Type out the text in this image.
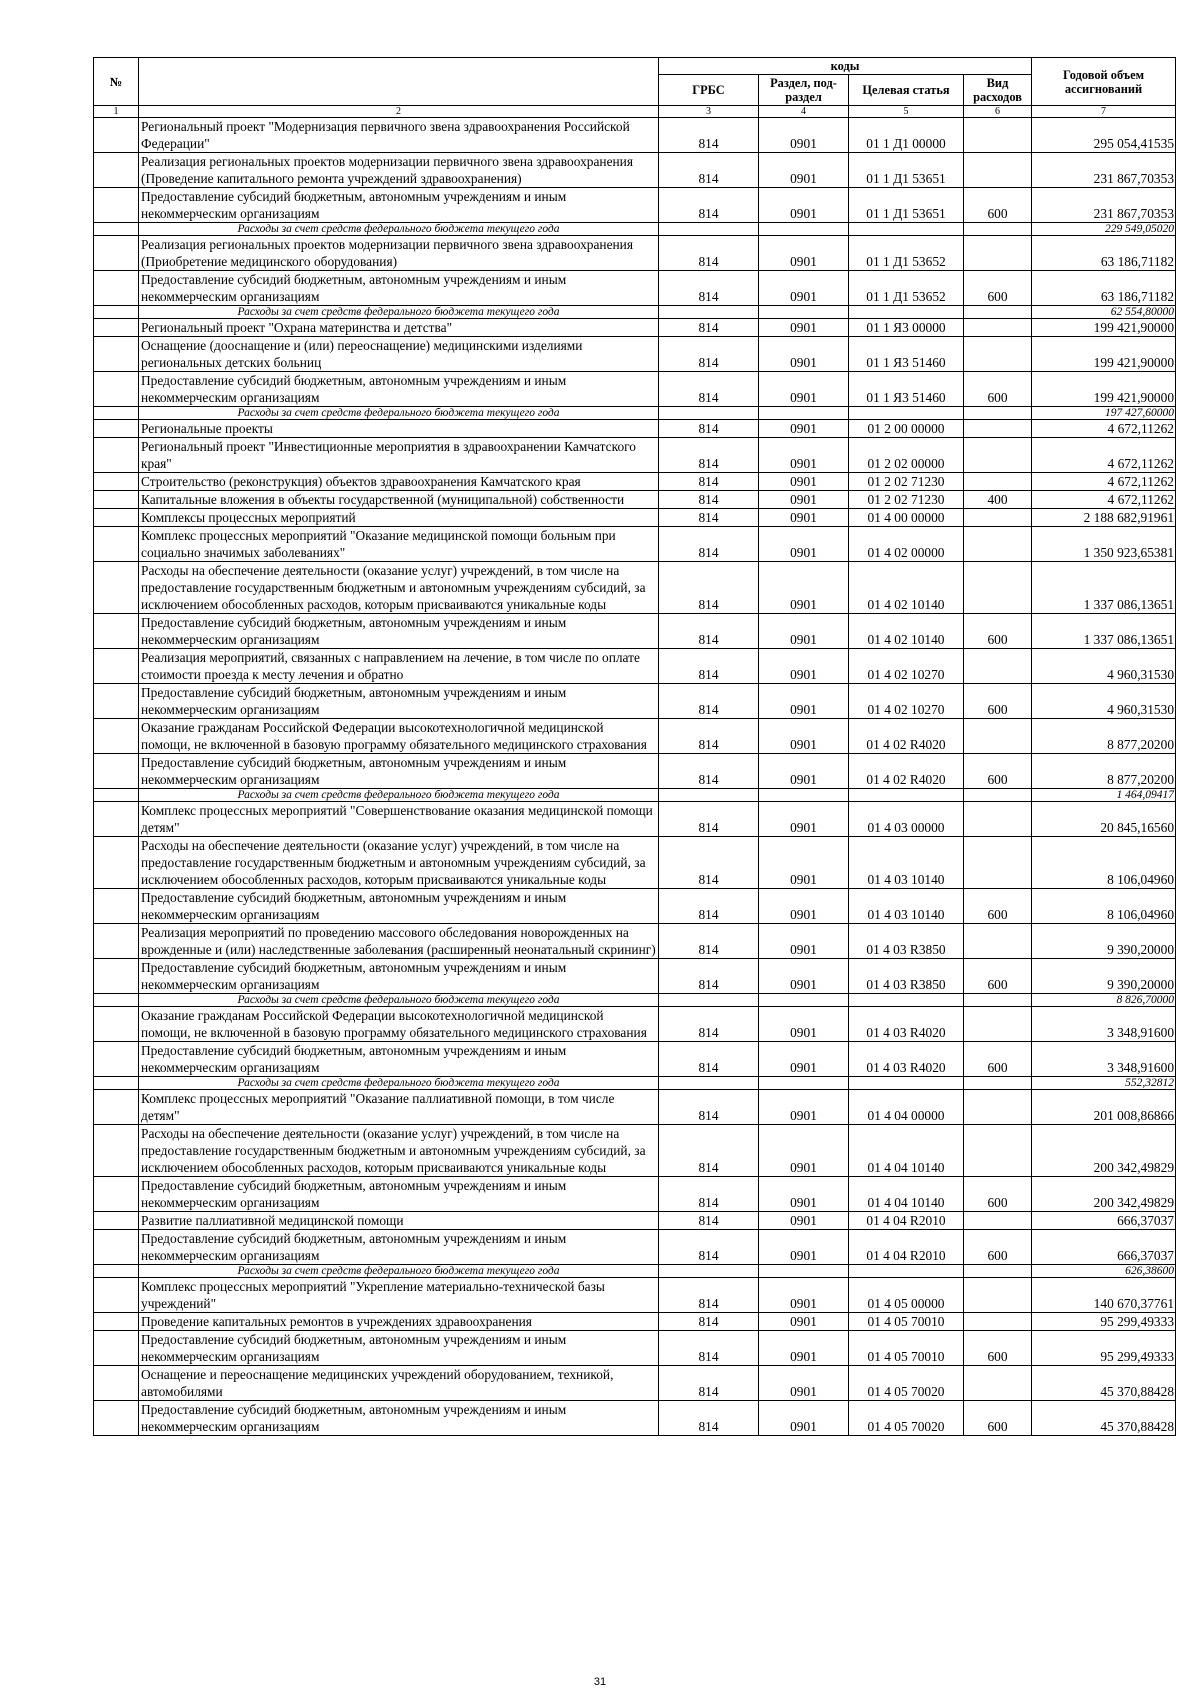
№		коды				Годовой объем ассигнований
		ГРБС	Раздел, под-раздел	Целевая статья	Вид расходов	
1	2	3	4	5	6	7
	Региональный проект "Модернизация первичного звена здравоохранения Российской Федерации"	814	0901	01 1 Д1 00000		295 054,41535
	Реализация региональных проектов модернизации первичного звена здравоохранения (Проведение капитального ремонта учреждений здравоохранения)	814	0901	01 1 Д1 53651		231 867,70353
	Предоставление субсидий бюджетным, автономным учреждениям и иным некоммерческим организациям	814	0901	01 1 Д1 53651	600	231 867,70353
	Расходы за счет средств федерального бюджета текущего года					229 549,05020
	Реализация региональных проектов модернизации первичного звена здравоохранения (Приобретение медицинского оборудования)	814	0901	01 1 Д1 53652		63 186,71182
	Предоставление субсидий бюджетным, автономным учреждениям и иным некоммерческим организациям	814	0901	01 1 Д1 53652	600	63 186,71182
	Расходы за счет средств федерального бюджета текущего года					62 554,80000
	Региональный проект "Охрана материнства и детства"	814	0901	01 1 Я3 00000		199 421,90000
	Оснащение (дооснащение и (или) переоснащение) медицинскими изделиями региональных детских больниц	814	0901	01 1 Я3 51460		199 421,90000
	Предоставление субсидий бюджетным, автономным учреждениям и иным некоммерческим организациям	814	0901	01 1 Я3 51460	600	199 421,90000
	Расходы за счет средств федерального бюджета текущего года					197 427,60000
	Региональные проекты	814	0901	01 2 00 00000		4 672,11262
	Региональный проект "Инвестиционные мероприятия в здравоохранении Камчатского края"	814	0901	01 2 02 00000		4 672,11262
	Строительство (реконструкция) объектов здравоохранения Камчатского края	814	0901	01 2 02 71230		4 672,11262
	Капитальные вложения в объекты государственной (муниципальной) собственности	814	0901	01 2 02 71230	400	4 672,11262
	Комплексы процессных мероприятий	814	0901	01 4 00 00000		2 188 682,91961
	Комплекс процессных мероприятий "Оказание медицинской помощи больным при социально значимых заболеваниях"	814	0901	01 4 02 00000		1 350 923,65381
	Расходы на обеспечение деятельности (оказание услуг) учреждений, в том числе на предоставление государственным бюджетным и автономным учреждениям субсидий, за исключением обособленных расходов, которым присваиваются уникальные коды	814	0901	01 4 02 10140		1 337 086,13651
	Предоставление субсидий бюджетным, автономным учреждениям и иным некоммерческим организациям	814	0901	01 4 02 10140	600	1 337 086,13651
	Реализация мероприятий, связанных с направлением на лечение, в том числе по оплате стоимости проезда к месту лечения и обратно	814	0901	01 4 02 10270		4 960,31530
	Предоставление субсидий бюджетным, автономным учреждениям и иным некоммерческим организациям	814	0901	01 4 02 10270	600	4 960,31530
	Оказание гражданам Российской Федерации высокотехнологичной медицинской помощи, не включенной в базовую программу обязательного медицинского страхования	814	0901	01 4 02 R4020		8 877,20200
	Предоставление субсидий бюджетным, автономным учреждениям и иным некоммерческим организациям	814	0901	01 4 02 R4020	600	8 877,20200
	Расходы за счет средств федерального бюджета текущего года					1 464,09417
	Комплекс процессных мероприятий "Совершенствование оказания медицинской помощи детям"	814	0901	01 4 03 00000		20 845,16560
	Расходы на обеспечение деятельности (оказание услуг) учреждений, в том числе на предоставление государственным бюджетным и автономным учреждениям субсидий, за исключением обособленных расходов, которым присваиваются уникальные коды	814	0901	01 4 03 10140		8 106,04960
	Предоставление субсидий бюджетным, автономным учреждениям и иным некоммерческим организациям	814	0901	01 4 03 10140	600	8 106,04960
	Реализация мероприятий по проведению массового обследования новорожденных на врожденные и (или) наследственные заболевания (расширенный неонатальный скрининг)	814	0901	01 4 03 R3850		9 390,20000
	Предоставление субсидий бюджетным, автономным учреждениям и иным некоммерческим организациям	814	0901	01 4 03 R3850	600	9 390,20000
	Расходы за счет средств федерального бюджета текущего года					8 826,70000
	Оказание гражданам Российской Федерации высокотехнологичной медицинской помощи, не включенной в базовую программу обязательного медицинского страхования	814	0901	01 4 03 R4020		3 348,91600
	Предоставление субсидий бюджетным, автономным учреждениям и иным некоммерческим организациям	814	0901	01 4 03 R4020	600	3 348,91600
	Расходы за счет средств федерального бюджета текущего года					552,32812
	Комплекс процессных мероприятий "Оказание паллиативной помощи, в том числе детям"	814	0901	01 4 04 00000		201 008,86866
	Расходы на обеспечение деятельности (оказание услуг) учреждений, в том числе на предоставление государственным бюджетным и автономным учреждениям субсидий, за исключением обособленных расходов, которым присваиваются уникальные коды	814	0901	01 4 04 10140		200 342,49829
	Предоставление субсидий бюджетным, автономным учреждениям и иным некоммерческим организациям	814	0901	01 4 04 10140	600	200 342,49829
	Развитие паллиативной медицинской помощи	814	0901	01 4 04 R2010		666,37037
	Предоставление субсидий бюджетным, автономным учреждениям и иным некоммерческим организациям	814	0901	01 4 04 R2010	600	666,37037
	Расходы за счет средств федерального бюджета текущего года					626,38600
	Комплекс процессных мероприятий "Укрепление материально-технической базы учреждений"	814	0901	01 4 05 00000		140 670,37761
	Проведение капитальных ремонтов в учреждениях здравоохранения	814	0901	01 4 05 70010		95 299,49333
	Предоставление субсидий бюджетным, автономным учреждениям и иным некоммерческим организациям	814	0901	01 4 05 70010	600	95 299,49333
	Оснащение и переоснащение медицинских учреждений оборудованием, техникой, автомобилями	814	0901	01 4 05 70020		45 370,88428
	Предоставление субсидий бюджетным, автономным учреждениям и иным некоммерческим организациям	814	0901	01 4 05 70020	600	45 370,88428
31
